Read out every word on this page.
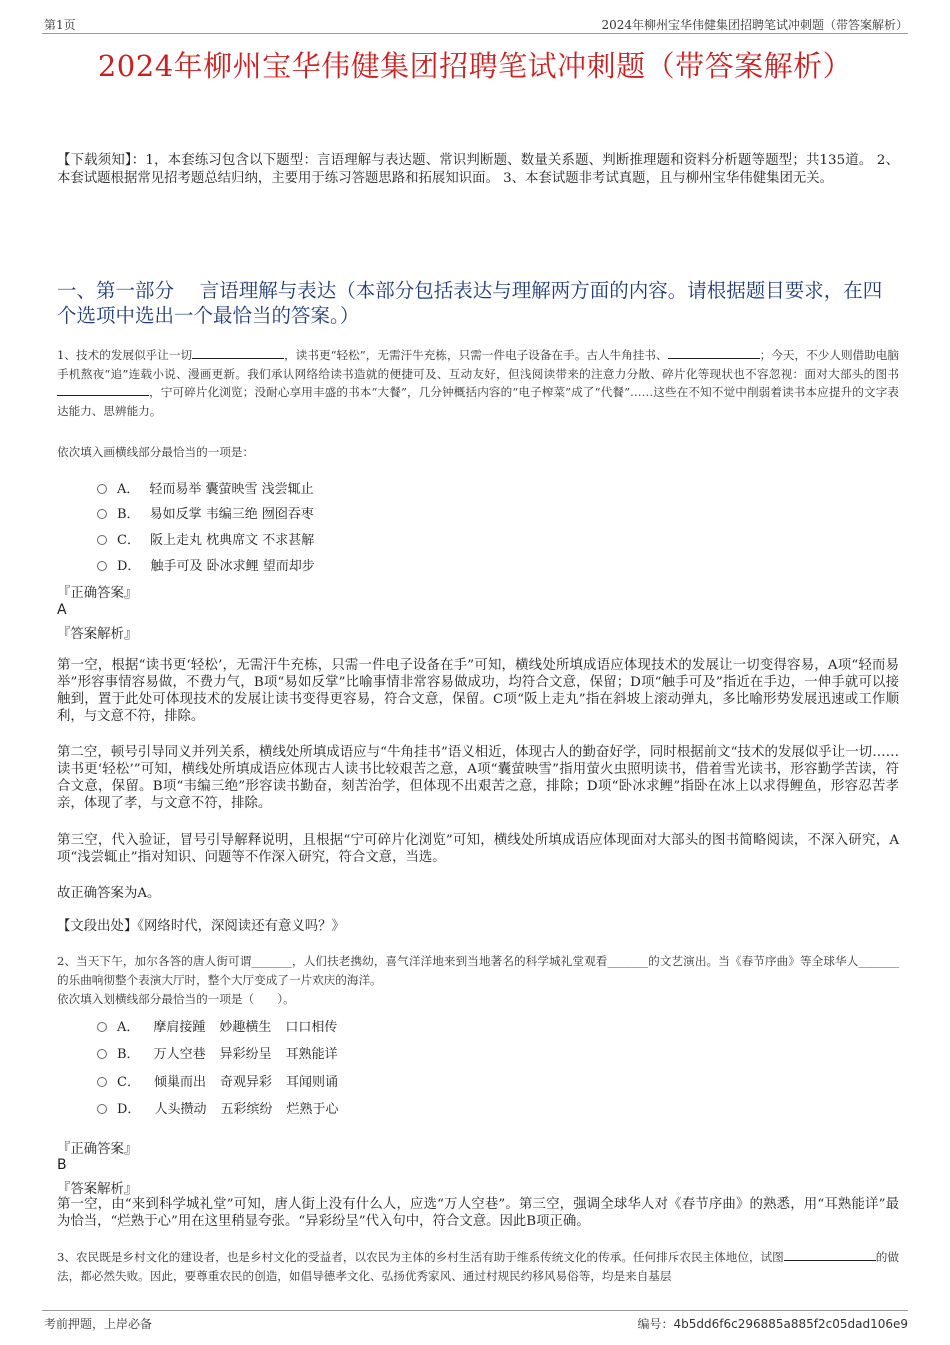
第1页	2024年柳州宝华伟健集团招聘笔试冲刺题（带答案解析）
2024年柳州宝华伟健集团招聘笔试冲刺题（带答案解析）
【下载须知】：1，本套练习包含以下题型：言语理解与表达题、常识判断题、数量关系题、判断推理题和资料分析题等题型；共135道。 2、本套试题根据常见招考题总结归纳，主要用于练习答题思路和拓展知识面。 3、本套试题非考试真题，且与柳州宝华伟健集团无关。
一、第一部分　 言语理解与表达（本部分包括表达与理解两方面的内容。请根据题目要求，在四个选项中选出一个最恰当的答案。）
1、技术的发展似乎让一切	，读书更“轻松”，无需汗牛充栋，只需一件电子设备在手。古人牛角挂书、	；今天，不少人则借助电脑手机熬夜“追”连载小说、漫画更新。我们承认网络给读书造就的便捷可及、互动友好，但浅阅读带来的注意力分散、碎片化等现状也不容忽视：面对大部头的图书，宁可碎片化浏览；没耐心享用丰盛的书本“大餐”，几分钟概括内容的“电子榨菜”成了“代餐”……这些在不知不觉中削弱着读书本应提升的文字表达能力、思辨能力。
依次填入画横线部分最恰当的一项是：
A． 轻而易举 囊萤映雪 浅尝辄止
B． 易如反掌 韦编三绝 囫囵吞枣
C． 阪上走丸 枕典席文 不求甚解
D． 触手可及 卧冰求鲤 望而却步
『正确答案』
A
『答案解析』
第一空，根据“读书更‘轻松’，无需汗牛充栋，只需一件电子设备在手”可知，横线处所填成语应体现技术的发展让一切变得容易，A项“轻而易举”形容事情容易做，不费力气，B项“易如反掌”比喻事情非常容易做成功，均符合文意，保留；D项“触手可及”指近在手边，一伸手就可以接触到，置于此处可体现技术的发展让读书变得更容易，符合文意，保留。C项“阪上走丸”指在斜坡上滚动弹丸，多比喻形势发展迅速或工作顺利，与文意不符，排除。
第二空，顿号引导同义并列关系，横线处所填成语应与“牛角挂书”语义相近，体现古人的勤奋好学，同时根据前文“技术的发展似乎让一切……读书更‘轻松’”可知，横线处所填成语应体现古人读书比较艰苦之意，A项“囊萤映雪”指用萤火虫照明读书，借着雪光读书，形容勤学苦读，符合文意，保留。B项“韦编三绝”形容读书勤奋，刻苦治学，但体现不出艰苦之意，排除；D项“卧冰求鲤”指卧在冰上以求得鲤鱼，形容忍苦孝亲，体现了孝，与文意不符，排除。
第三空，代入验证，冒号引导解释说明，且根据“宁可碎片化浏览”可知，横线处所填成语应体现面对大部头的图书简略阅读，不深入研究，A项“浅尝辄止”指对知识、问题等不作深入研究，符合文意，当选。
故正确答案为A。
【文段出处】《网络时代，深阅读还有意义吗？》
2、当天下午，加尔各答的唐人街可谓_______，人们扶老携幼，喜气洋洋地来到当地著名的科学城礼堂观看_______的文艺演出。当《春节序曲》等全球华人_______的乐曲响彻整个表演大厅时，整个大厅变成了一片欢庆的海洋。
依次填入划横线部分最恰当的一项是（　　）。
A． 摩肩接踵 妙趣横生 口口相传
B． 万人空巷 异彩纷呈 耳熟能详
C． 倾巢而出 奇观异彩 耳闻则诵
D． 人头攒动 五彩缤纷 烂熟于心
『正确答案』
B
『答案解析』
第一空，由“来到科学城礼堂”可知，唐人街上没有什么人，应选“万人空巷”。第三空，强调全球华人对《春节序曲》的熟悉，用“耳熟能详”最为恰当，“烂熟于心”用在这里稍显夸张。“异彩纷呈”代入句中，符合文意。因此B项正确。
3、农民既是乡村文化的建设者，也是乡村文化的受益者，以农民为主体的乡村生活有助于维系传统文化的传承。任何排斥农民主体地位，试图	的做法，都必然失败。因此，要尊重农民的创造，如倡导德孝文化、弘扬优秀家风、通过村规民约移风易俗等，均是来自基层
考前押题，上岸必备	编号：4b5dd6f6c296885a885f2c05dad106e9
